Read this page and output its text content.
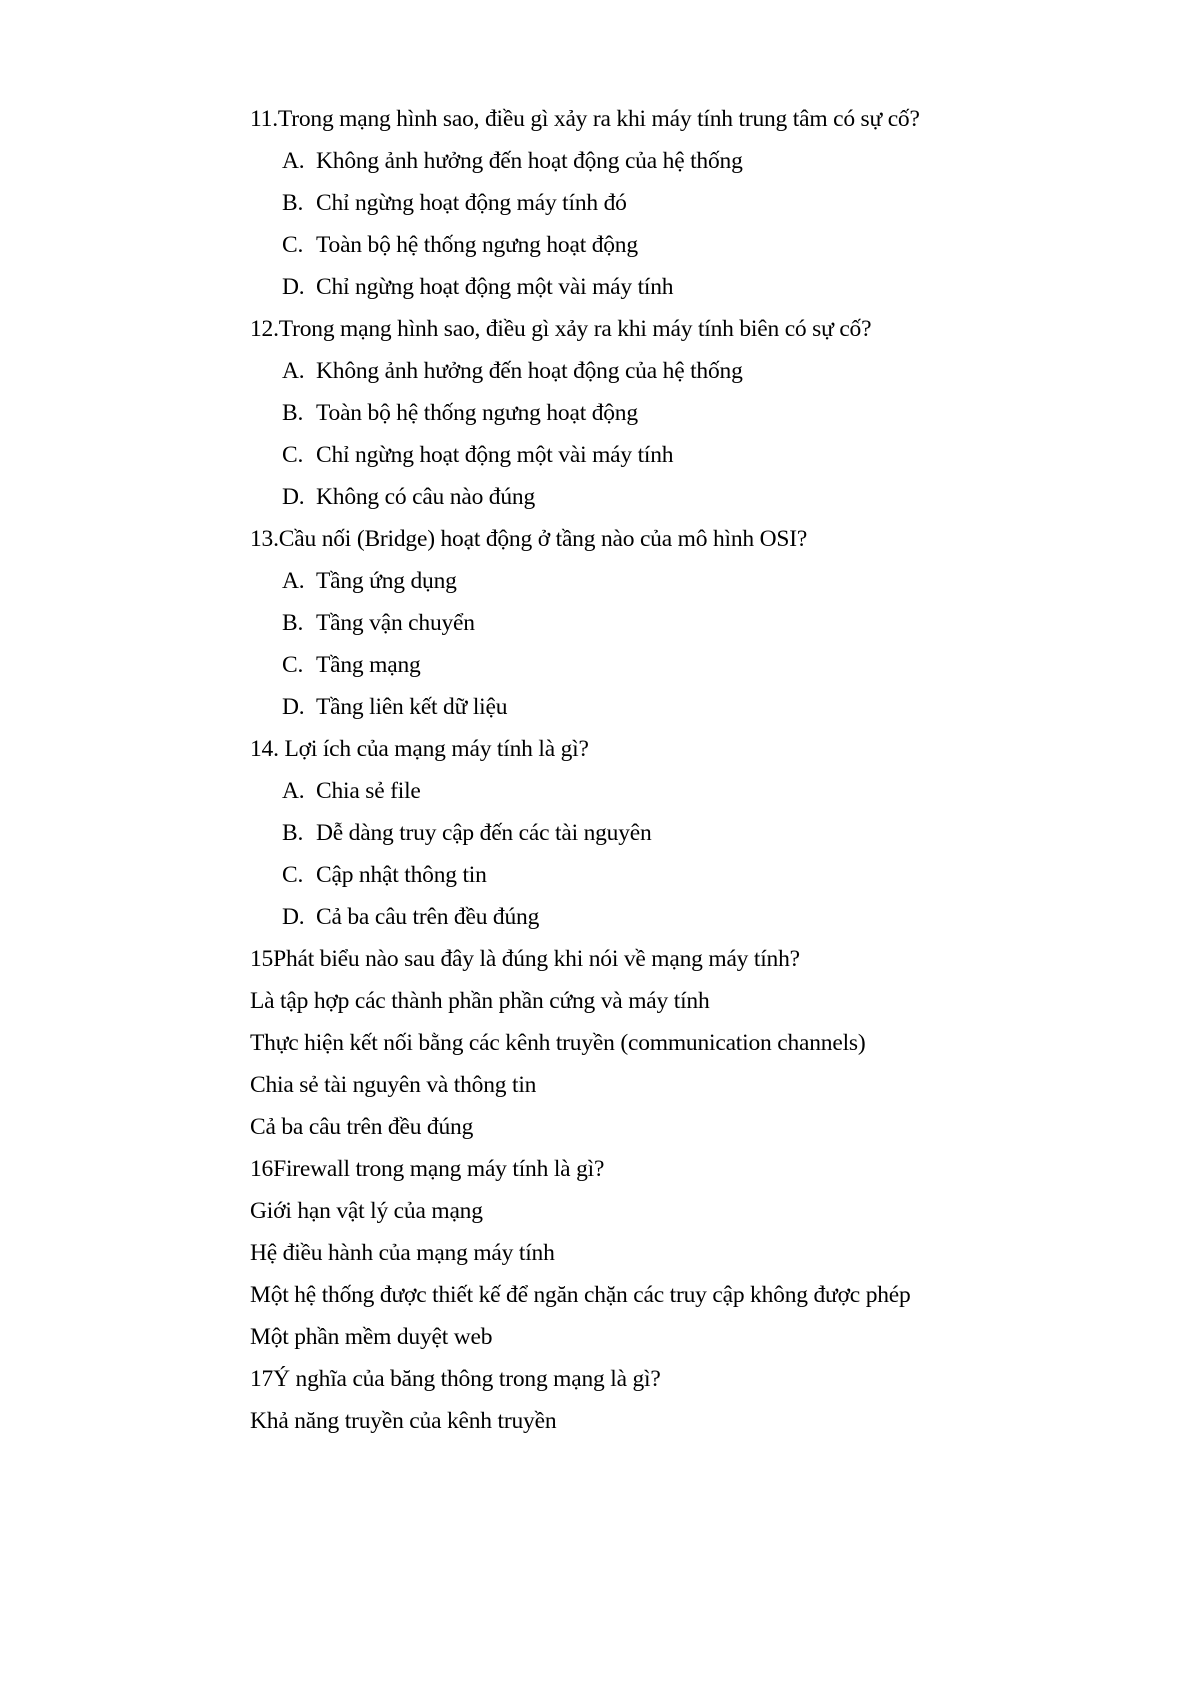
11.Trong mạng hình sao, điều gì xảy ra khi máy tính trung tâm có sự cố?
A. Không ảnh hưởng đến hoạt động của hệ thống
B. Chỉ ngừng hoạt động máy tính đó
C. Toàn bộ hệ thống ngưng hoạt động
D. Chỉ ngừng hoạt động một vài máy tính
12.Trong mạng hình sao, điều gì xảy ra khi máy tính biên có sự cố?
A. Không ảnh hưởng đến hoạt động của hệ thống
B. Toàn bộ hệ thống ngưng hoạt động
C. Chỉ ngừng hoạt động một vài máy tính
D. Không có câu nào đúng
13.Cầu nối (Bridge) hoạt động ở tầng nào của mô hình OSI?
A. Tầng ứng dụng
B. Tầng vận chuyển
C. Tầng mạng
D. Tầng liên kết dữ liệu
14. Lợi ích của mạng máy tính là gì?
A. Chia sẻ file
B. Dễ dàng truy cập đến các tài nguyên
C. Cập nhật thông tin
D. Cả ba câu trên đều đúng
15Phát biểu nào sau đây là đúng khi nói về mạng máy tính?
Là tập hợp các thành phần phần cứng và máy tính
Thực hiện kết nối bằng các kênh truyền (communication channels)
Chia sẻ tài nguyên và thông tin
Cả ba câu trên đều đúng
16Firewall trong mạng máy tính là gì?
Giới hạn vật lý của mạng
Hệ điều hành của mạng máy tính
Một hệ thống được thiết kế để ngăn chặn các truy cập không được phép
Một phần mềm duyệt web
17Ý nghĩa của băng thông trong mạng là gì?
Khả năng truyền của kênh truyền
